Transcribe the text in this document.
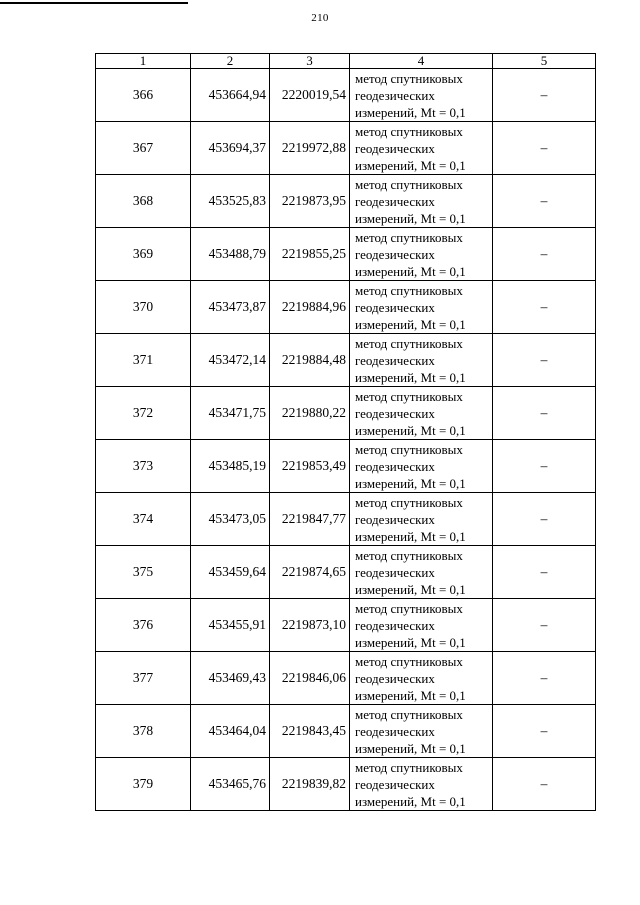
210
1	2	3	4	5
366	453664,94	2220019,54	метод спутниковых
геодезических
измерений, Mt = 0,1	–
367	453694,37	2219972,88	метод спутниковых
геодезических
измерений, Mt = 0,1	–
368	453525,83	2219873,95	метод спутниковых
геодезических
измерений, Mt = 0,1	–
369	453488,79	2219855,25	метод спутниковых
геодезических
измерений, Mt = 0,1	–
370	453473,87	2219884,96	метод спутниковых
геодезических
измерений, Mt = 0,1	–
371	453472,14	2219884,48	метод спутниковых
геодезических
измерений, Mt = 0,1	–
372	453471,75	2219880,22	метод спутниковых
геодезических
измерений, Mt = 0,1	–
373	453485,19	2219853,49	метод спутниковых
геодезических
измерений, Mt = 0,1	–
374	453473,05	2219847,77	метод спутниковых
геодезических
измерений, Mt = 0,1	–
375	453459,64	2219874,65	метод спутниковых
геодезических
измерений, Mt = 0,1	–
376	453455,91	2219873,10	метод спутниковых
геодезических
измерений, Mt = 0,1	–
377	453469,43	2219846,06	метод спутниковых
геодезических
измерений, Mt = 0,1	–
378	453464,04	2219843,45	метод спутниковых
геодезических
измерений, Mt = 0,1	–
379	453465,76	2219839,82	метод спутниковых
геодезических
измерений, Mt = 0,1	–
